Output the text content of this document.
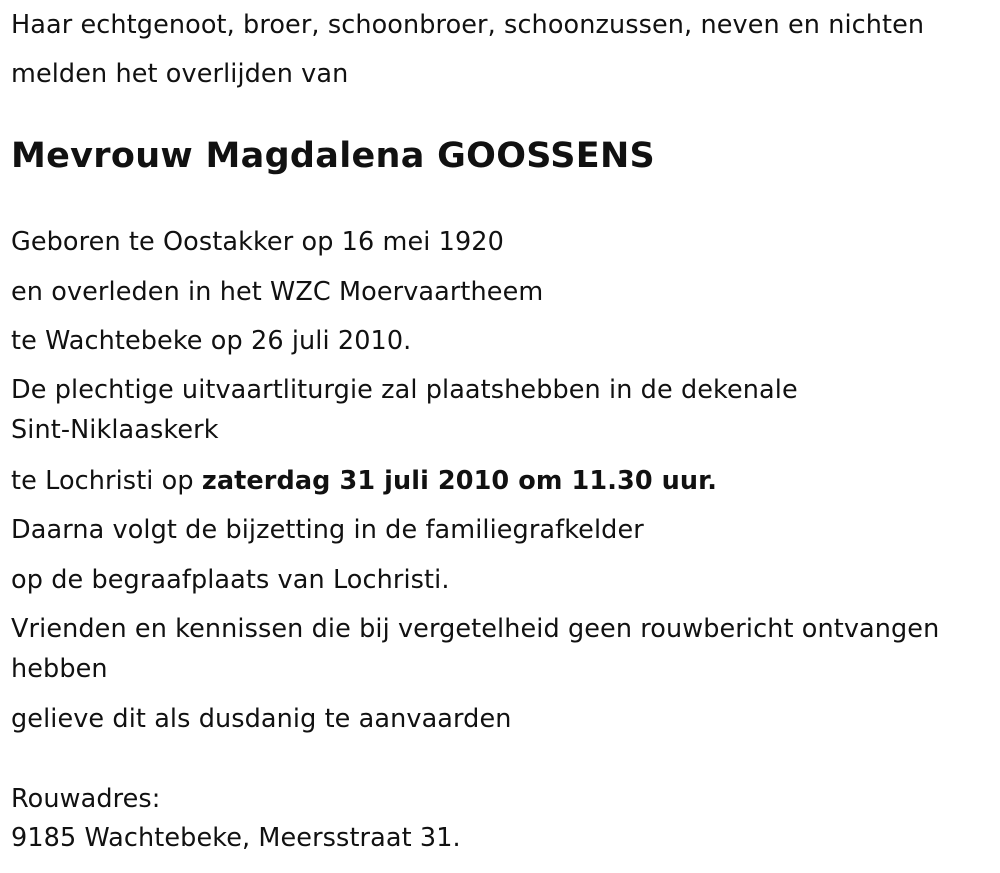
Haar echtgenoot, broer, schoonbroer, schoonzussen, neven en nichten
melden het overlijden van
Mevrouw Magdalena GOOSSENS
Geboren te Oostakker op 16 mei 1920
en overleden in het WZC Moervaartheem
te Wachtebeke op 26 juli 2010.
De plechtige uitvaartliturgie zal plaatshebben in de dekenale
Sint-Niklaaskerk
te Lochristi op zaterdag 31 juli 2010 om 11.30 uur.
Daarna volgt de bijzetting in de familiegrafkelder
op de begraafplaats van Lochristi.
Vrienden en kennissen die bij vergetelheid geen rouwbericht ontvangen
hebben
gelieve dit als dusdanig te aanvaarden
Rouwadres:
9185 Wachtebeke, Meersstraat 31.
